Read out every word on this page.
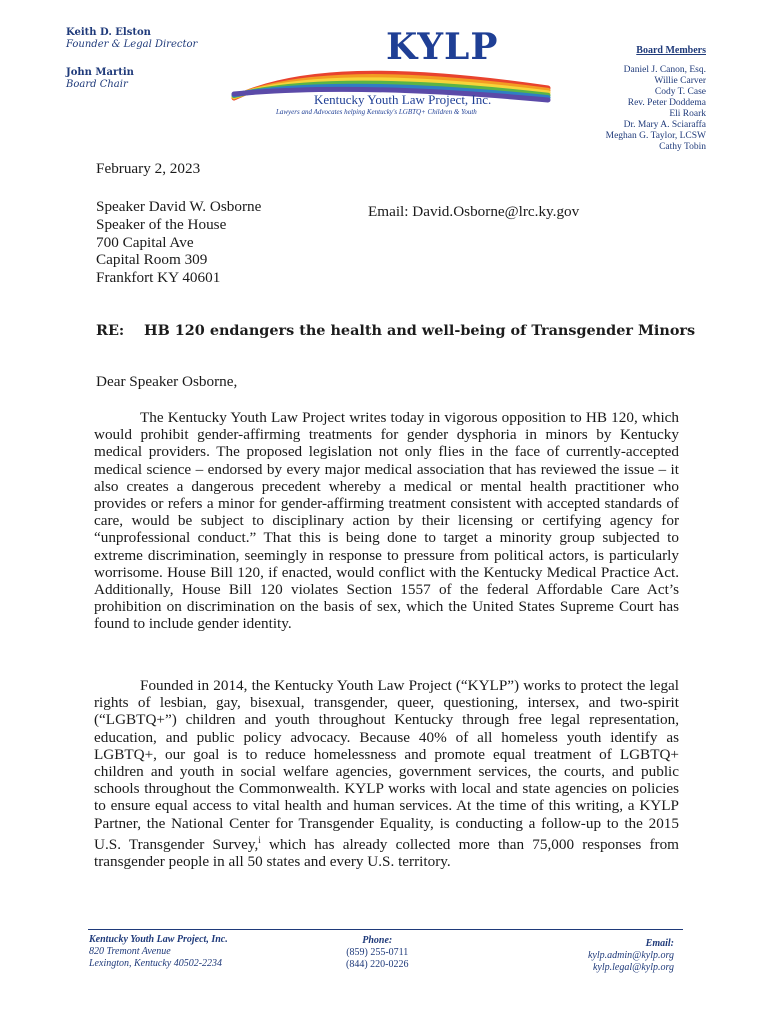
Keith D. Elston
Founder & Legal Director
John Martin
Board Chair
KYLP
Kentucky Youth Law Project, Inc.
Lawyers and Advocates helping Kentucky's LGBTQ+ Children & Youth
Board Members
Daniel J. Canon, Esq.
Willie Carver
Cody T. Case
Rev. Peter Doddema
Eli Roark
Dr. Mary A. Sciaraffa
Meghan G. Taylor, LCSW
Cathy Tobin
February 2, 2023
Speaker David W. Osborne
Speaker of the House
700 Capital Ave
Capital Room 309
Frankfort KY 40601
Email: David.Osborne@lrc.ky.gov
RE: HB 120 endangers the health and well-being of Transgender Minors
Dear Speaker Osborne,
The Kentucky Youth Law Project writes today in vigorous opposition to HB 120, which would prohibit gender-affirming treatments for gender dysphoria in minors by Kentucky medical providers. The proposed legislation not only flies in the face of currently-accepted medical science – endorsed by every major medical association that has reviewed the issue – it also creates a dangerous precedent whereby a medical or mental health practitioner who provides or refers a minor for gender-affirming treatment consistent with accepted standards of care, would be subject to disciplinary action by their licensing or certifying agency for “unprofessional conduct.” That this is being done to target a minority group subjected to extreme discrimination, seemingly in response to pressure from political actors, is particularly worrisome. House Bill 120, if enacted, would conflict with the Kentucky Medical Practice Act. Additionally, House Bill 120 violates Section 1557 of the federal Affordable Care Act’s prohibition on discrimination on the basis of sex, which the United States Supreme Court has found to include gender identity.
Founded in 2014, the Kentucky Youth Law Project (“KYLP”) works to protect the legal rights of lesbian, gay, bisexual, transgender, queer, questioning, intersex, and two-spirit (“LGBTQ+”) children and youth throughout Kentucky through free legal representation, education, and public policy advocacy. Because 40% of all homeless youth identify as LGBTQ+, our goal is to reduce homelessness and promote equal treatment of LGBTQ+ children and youth in social welfare agencies, government services, the courts, and public schools throughout the Commonwealth. KYLP works with local and state agencies on policies to ensure equal access to vital health and human services. At the time of this writing, a KYLP Partner, the National Center for Transgender Equality, is conducting a follow-up to the 2015 U.S. Transgender Survey,$^i$ which has already collected more than 75,000 responses from transgender people in all 50 states and every U.S. territory.
Kentucky Youth Law Project, Inc.
820 Tremont Avenue
Lexington, Kentucky 40502-2234
Phone:
(859) 255-0711
(844) 220-0226
Email:
kylp.admin@kylp.org
kylp.legal@kylp.org
